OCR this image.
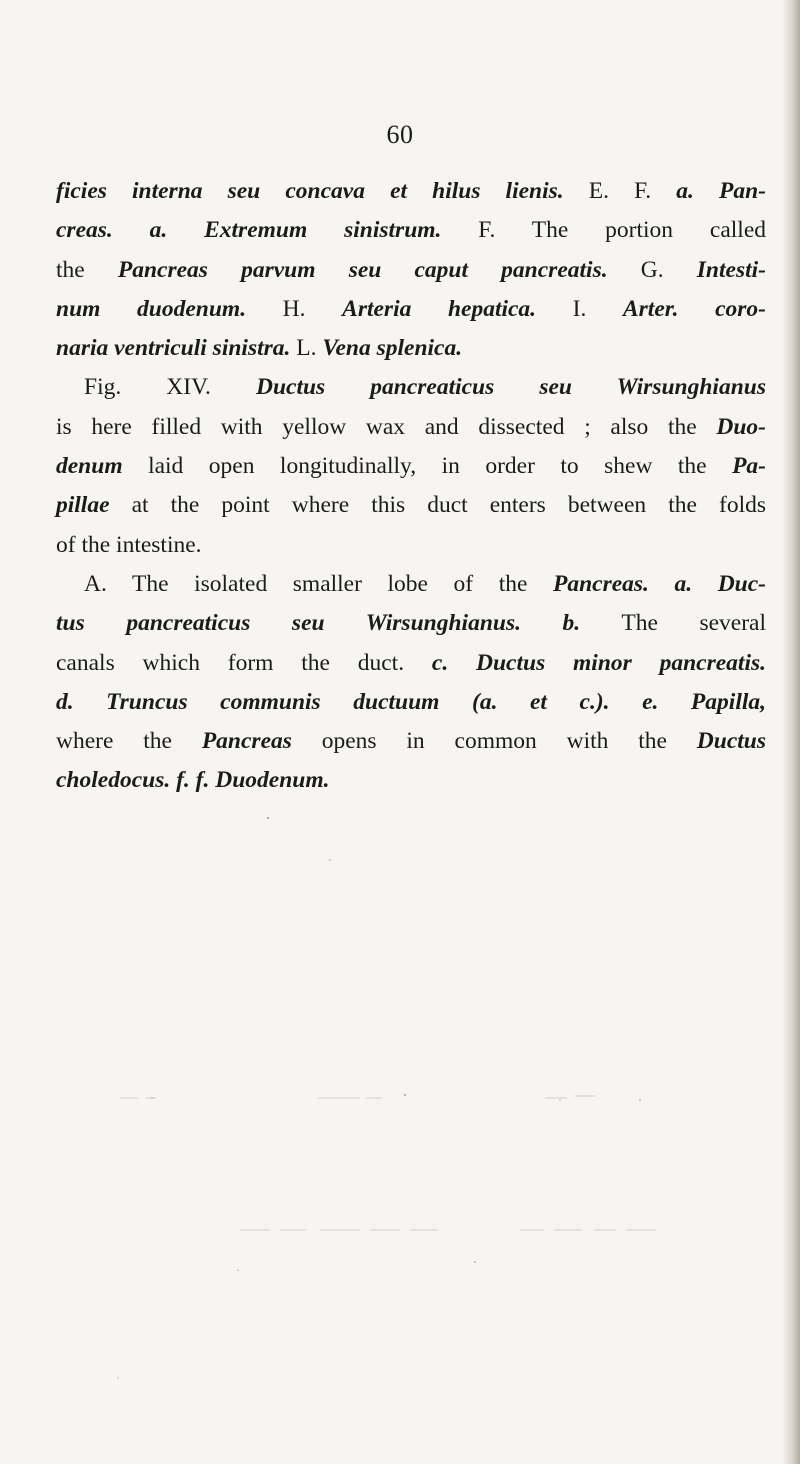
60
ficies interna seu concava et hilus lienis. E. F. a. Pan-
creas. a. Extremum sinistrum. F. The portion called
the Pancreas parvum seu caput pancreatis. G. Intesti-
num duodenum. H. Arteria hepatica. I. Arter. coro-
naria ventriculi sinistra. L. Vena splenica.
Fig. XIV. Ductus pancreaticus seu Wirsunghianus
is here filled with yellow wax and dissected ; also the Duo-
denum laid open longitudinally, in order to shew the Pa-
pillae at the point where this duct enters between the folds
of the intestine.
A. The isolated smaller lobe of the Pancreas. a. Duc-
tus pancreaticus seu Wirsunghianus. b. The several
canals which form the duct. c. Ductus minor pancreatis.
d. Truncus communis ductuum (a. et c.). e. Papilla,
where the Pancreas opens in common with the Ductus
choledocus. f. f. Duodenum.
